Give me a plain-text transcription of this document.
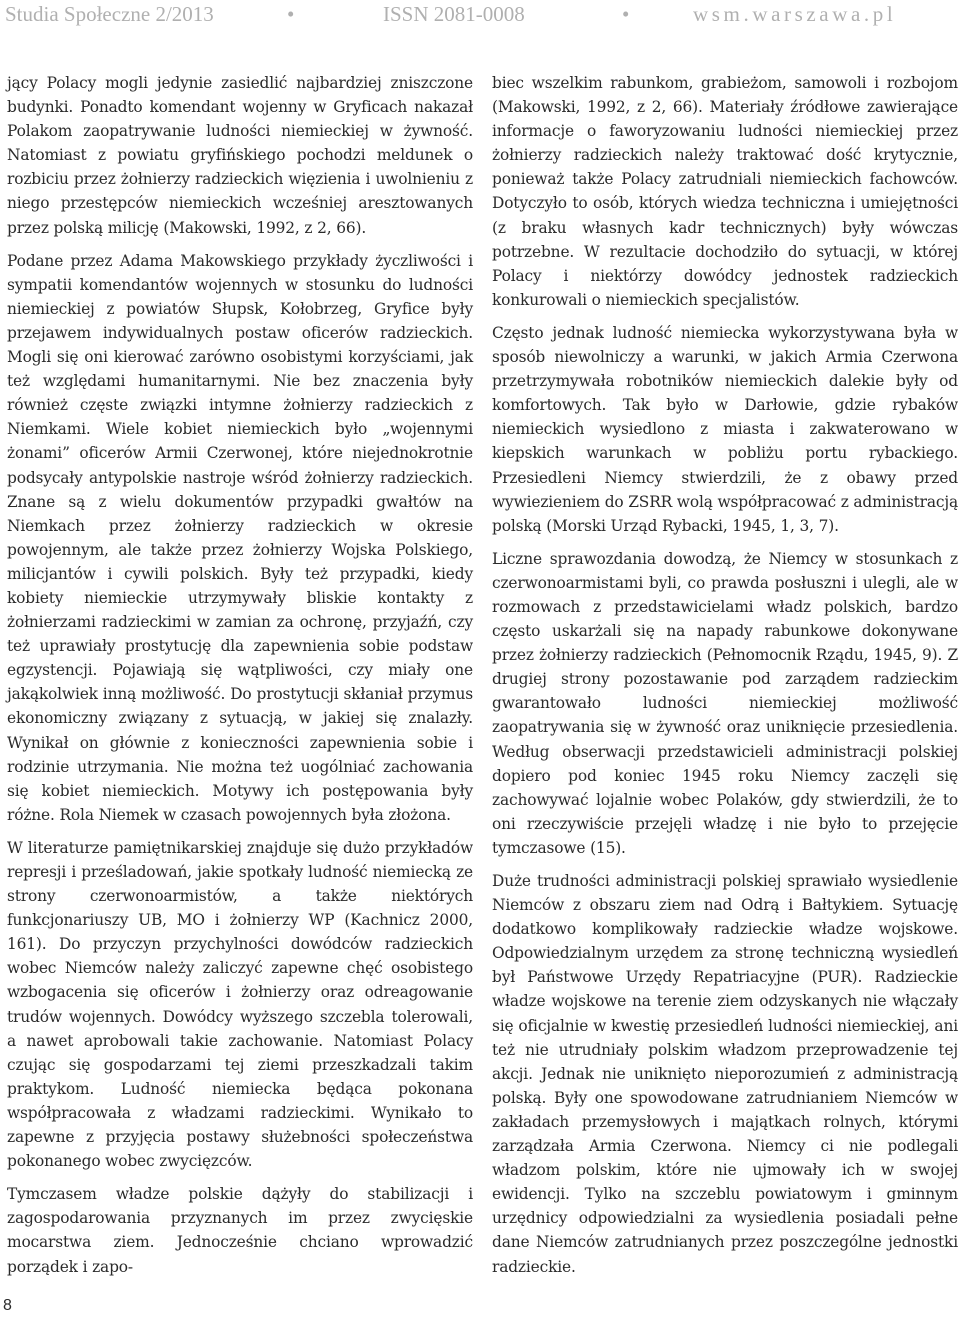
Studia Społeczne 2/2013	•	ISSN 2081-0008	•	wsm.warszawa.pl

jący Polacy mogli jedynie zasiedlić najbardziej zniszczone budynki. Ponadto komendant wojenny w Gryficach nakazał Polakom zaopatrywanie ludności niemieckiej w żywność. Natomiast z powiatu gryfińskiego pochodzi meldunek o rozbiciu przez żołnierzy radzieckich więzienia i uwolnieniu z niego przestępców niemieckich wcześniej aresztowanych przez polską milicję (Makowski, 1992, z 2, 66).

Podane przez Adama Makowskiego przykłady życzliwości i sympatii komendantów wojennych w stosunku do ludności niemieckiej z powiatów Słupsk, Kołobrzeg, Gryfice były przejawem indywidualnych postaw oficerów radzieckich. Mogli się oni kierować zarówno osobistymi korzyściami, jak też względami humanitarnymi. Nie bez znaczenia były również częste związki intymne żołnierzy radzieckich z Niemkami. Wiele kobiet niemieckich było „wojennymi żonami” oficerów Armii Czerwonej, które niejednokrotnie podsycały antypolskie nastroje wśród żołnierzy radzieckich. Znane są z wielu dokumentów przypadki gwałtów na Niemkach przez żołnierzy radzieckich w okresie powojennym, ale także przez żołnierzy Wojska Polskiego, milicjantów i cywili polskich. Były też przypadki, kiedy kobiety niemieckie utrzymywały bliskie kontakty z żołnierzami radzieckimi w zamian za ochronę, przyjaźń, czy też uprawiały prostytucję dla zapewnienia sobie podstaw egzystencji. Pojawiają się wątpliwości, czy miały one jakąkolwiek inną możliwość. Do prostytucji skłaniał przymus ekonomiczny związany z sytuacją, w jakiej się znalazły. Wynikał on głównie z konieczności zapewnienia sobie i rodzinie utrzymania. Nie można też uogólniać zachowania się kobiet niemieckich. Motywy ich postępowania były różne. Rola Niemek w czasach powojennych była złożona.

W literaturze pamiętnikarskiej znajduje się dużo przykładów represji i prześladowań, jakie spotkały ludność niemiecką ze strony czerwonoarmistów, a także niektórych funkcjonariuszy UB, MO i żołnierzy WP (Kachnicz 2000, 161). Do przyczyn przychylności dowódców radzieckich wobec Niemców należy zaliczyć zapewne chęć osobistego wzbogacenia się oficerów i żołnierzy oraz odreagowanie trudów wojennych. Dowódcy wyższego szczebla tolerowali, a nawet aprobowali takie zachowanie. Natomiast Polacy czując się gospodarzami tej ziemi przeszkadzali takim praktykom. Ludność niemiecka będąca pokonana współpracowała z władzami radzieckimi. Wynikało to zapewne z przyjęcia postawy służebności społeczeństwa pokonanego wobec zwycięzców.

Tymczasem władze polskie dążyły do stabilizacji i zagospodarowania przyznanych im przez zwycięskie mocarstwa ziem. Jednocześnie chciano wprowadzić porządek i zapo-

biec wszelkim rabunkom, grabieżom, samowoli i rozbojom (Makowski, 1992, z 2, 66). Materiały źródłowe zawierające informacje o faworyzowaniu ludności niemieckiej przez żołnierzy radzieckich należy traktować dość krytycznie, ponieważ także Polacy zatrudniali niemieckich fachowców. Dotyczyło to osób, których wiedza techniczna i umiejętności (z braku własnych kadr technicznych) były wówczas potrzebne. W rezultacie dochodziło do sytuacji, w której Polacy i niektórzy dowódcy jednostek radzieckich konkurowali o niemieckich specjalistów.

Często jednak ludność niemiecka wykorzystywana była w sposób niewolniczy a warunki, w jakich Armia Czerwona przetrzymywała robotników niemieckich dalekie były od komfortowych. Tak było w Darłowie, gdzie rybaków niemieckich wysiedlono z miasta i zakwaterowano w kiepskich warunkach w pobliżu portu rybackiego. Przesiedleni Niemcy stwierdzili, że z obawy przed wywiezieniem do ZSRR wolą współpracować z administracją polską (Morski Urząd Rybacki, 1945, 1, 3, 7).

Liczne sprawozdania dowodzą, że Niemcy w stosunkach z czerwonoarmistami byli, co prawda posłuszni i ulegli, ale w rozmowach z przedstawicielami władz polskich, bardzo często uskarżali się na napady rabunkowe dokonywane przez żołnierzy radzieckich (Pełnomocnik Rządu, 1945, 9). Z drugiej strony pozostawanie pod zarządem radzieckim gwarantowało ludności niemieckiej możliwość zaopatrywania się w żywność oraz uniknięcie przesiedlenia. Według obserwacji przedstawicieli administracji polskiej dopiero pod koniec 1945 roku Niemcy zaczęli się zachowywać lojalnie wobec Polaków, gdy stwierdzili, że to oni rzeczywiście przejęli władzę i nie było to przejęcie tymczasowe (15).

Duże trudności administracji polskiej sprawiało wysiedlenie Niemców z obszaru ziem nad Odrą i Bałtykiem. Sytuację dodatkowo komplikowały radzieckie władze wojskowe. Odpowiedzialnym urzędem za stronę techniczną wysiedleń był Państwowe Urzędy Repatriacyjne (PUR). Radzieckie władze wojskowe na terenie ziem odzyskanych nie włączały się oficjalnie w kwestię przesiedleń ludności niemieckiej, ani też nie utrudniały polskim władzom przeprowadzenie tej akcji. Jednak nie uniknięto nieporozumień z administracją polską. Były one spowodowane zatrudnianiem Niemców w zakładach przemysłowych i majątkach rolnych, którymi zarządzała Armia Czerwona. Niemcy ci nie podlegali władzom polskim, które nie ujmowały ich w swojej ewidencji. Tylko na szczeblu powiatowym i gminnym urzędnicy odpowiedzialni za wysiedlenia posiadali pełne dane Niemców zatrudnianych przez poszczególne jednostki radzieckie.

8
